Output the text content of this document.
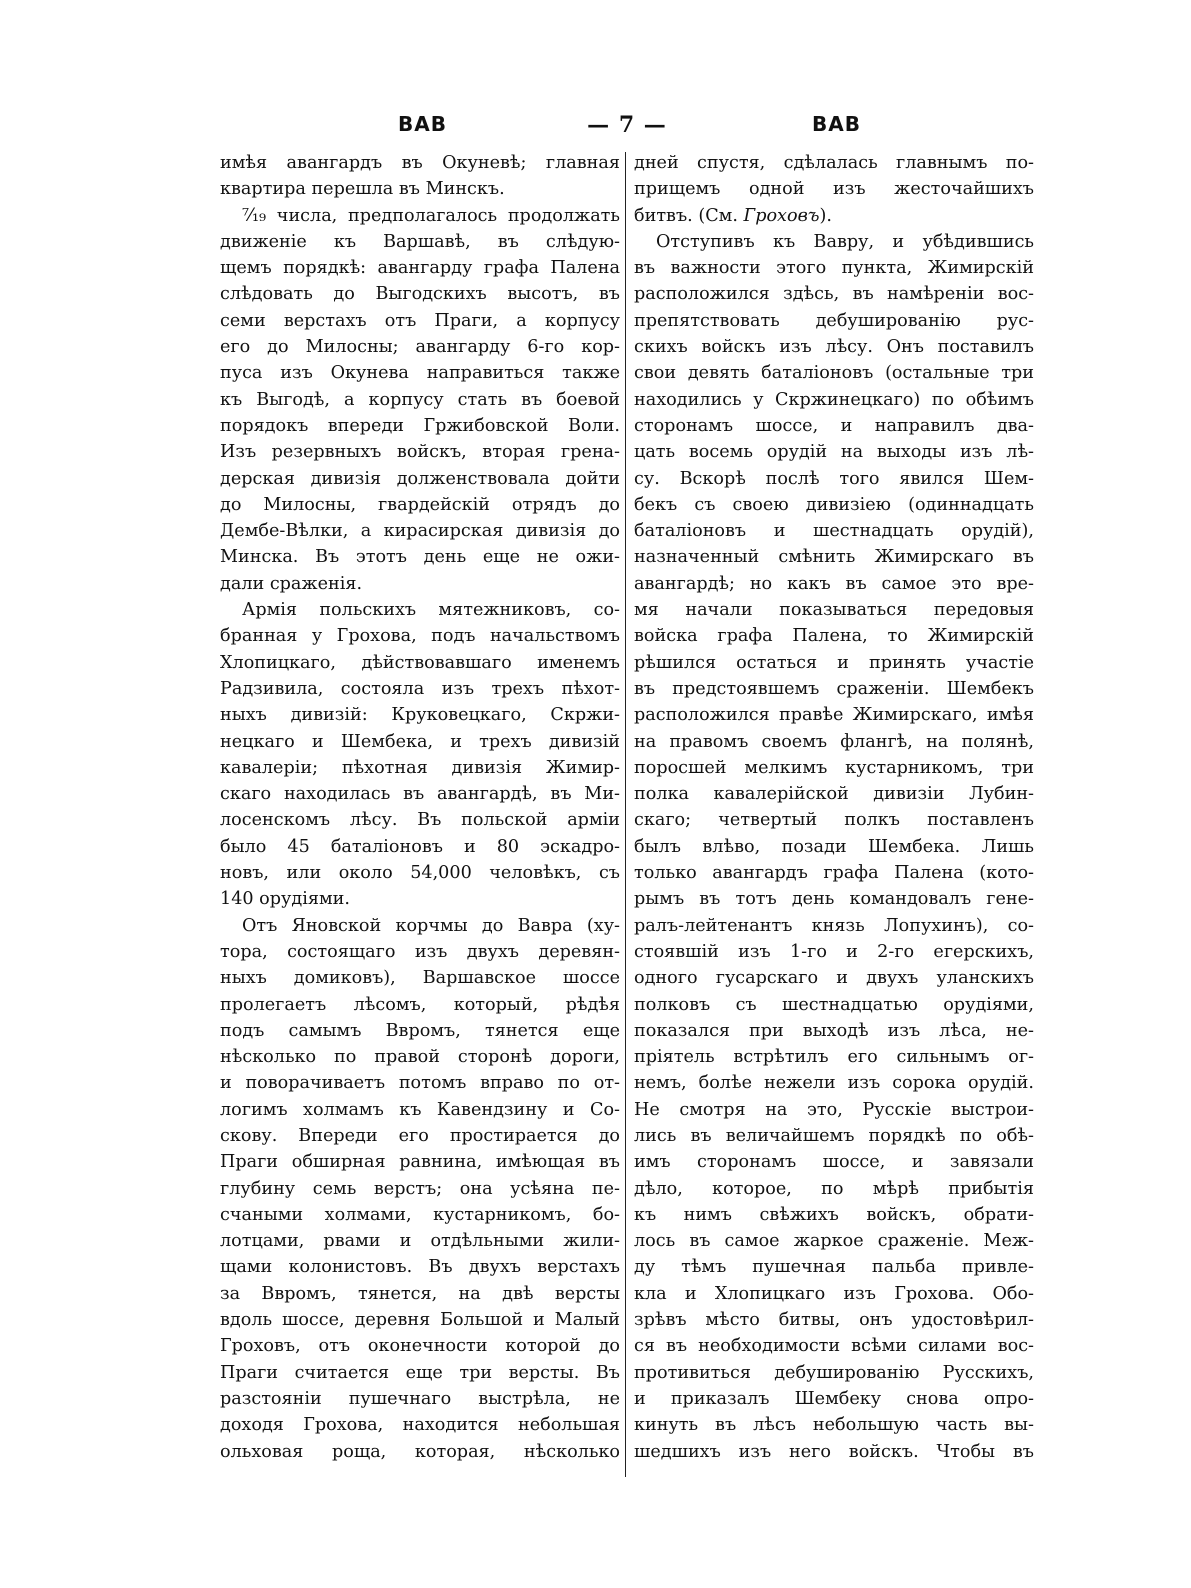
ВАВ	— 7 —	ВАВ
имѣя авангардъ въ Окуневѣ; главная
квартира перешла въ Минскъ.
⁷⁄₁₉ числа, предполагалось продолжать
движеніе къ Варшавѣ, въ слѣдую-
щемъ порядкѣ: авангарду графа Палена
слѣдовать до Выгодскихъ высотъ, въ
семи верстахъ отъ Праги, а корпусу
его до Милосны; авангарду 6-го кор-
пуса изъ Окунева направиться также
къ Выгодѣ, а корпусу стать въ боевой
порядокъ впереди Гржибовской Воли.
Изъ резервныхъ войскъ, вторая грена-
дерская дивизія долженствовала дойти
до Милосны, гвардейскій отрядъ до
Дембе-Вѣлки, а кирасирская дивизія до
Минска. Въ этотъ день еще не ожи-
дали сраженія.
Армія польскихъ мятежниковъ, со-
бранная у Грохова, подъ начальствомъ
Хлопицкаго, дѣйствовавшаго именемъ
Радзивила, состояла изъ трехъ пѣхот-
ныхъ дивизій: Круковецкаго, Скржи-
нецкаго и Шембека, и трехъ дивизій
кавалеріи; пѣхотная дивизія Жимир-
скаго находилась въ авангардѣ, въ Ми-
лосенскомъ лѣсу. Въ польской арміи
было 45 баталіоновъ и 80 эскадро-
новъ, или около 54,000 человѣкъ, съ
140 орудіями.
Отъ Яновской корчмы до Вавра (ху-
тора, состоящаго изъ двухъ деревян-
ныхъ домиковъ), Варшавское шоссе
пролегаетъ лѣсомъ, который, рѣдѣя
подъ самымъ Ввромъ, тянется еще
нѣсколько по правой сторонѣ дороги,
и поворачиваетъ потомъ вправо по от-
логимъ холмамъ къ Кавендзину и Со-
скову. Впереди его простирается до
Праги обширная равнина, имѣющая въ
глубину семь верстъ; она усѣяна пе-
счаными холмами, кустарникомъ, бо-
лотцами, рвами и отдѣльными жили-
щами колонистовъ. Въ двухъ верстахъ
за Ввромъ, тянется, на двѣ версты
вдоль шоссе, деревня Большой и Малый
Гроховъ, отъ оконечности которой до
Праги считается еще три версты. Въ
разстояніи пушечнаго выстрѣла, не
доходя Грохова, находится небольшая
ольховая роща, которая, нѣсколько
дней спустя, сдѣлалась главнымъ по-
прищемъ одной изъ жесточайшихъ
битвъ. (См. Гроховъ).
Отступивъ къ Вавру, и убѣдившись
въ важности этого пункта, Жимирскій
расположился здѣсь, въ намѣреніи вос-
препятствовать дебушированію рус-
скихъ войскъ изъ лѣсу. Онъ поставилъ
свои девять баталіоновъ (остальные три
находились у Скржинецкаго) по обѣимъ
сторонамъ шоссе, и направилъ два-
цать восемь орудій на выходы изъ лѣ-
су. Вскорѣ послѣ того явился Шем-
бекъ съ своею дивизіею (одиннадцать
баталіоновъ и шестнадцать орудій),
назначенный смѣнить Жимирскаго въ
авангардѣ; но какъ въ самое это вре-
мя начали показываться передовыя
войска графа Палена, то Жимирскій
рѣшился остаться и принять участіе
въ предстоявшемъ сраженіи. Шембекъ
расположился правѣе Жимирскаго, имѣя
на правомъ своемъ флангѣ, на полянѣ,
поросшей мелкимъ кустарникомъ, три
полка кавалерійской дивизіи Лубин-
скаго; четвертый полкъ поставленъ
былъ влѣво, позади Шембека. Лишь
только авангардъ графа Палена (кото-
рымъ въ тотъ день командовалъ гене-
ралъ-лейтенантъ князь Лопухинъ), со-
стоявшій изъ 1-го и 2-го егерскихъ,
одного гусарскаго и двухъ уланскихъ
полковъ съ шестнадцатью орудіями,
показался при выходѣ изъ лѣса, не-
пріятель встрѣтилъ его сильнымъ ог-
немъ, болѣе нежели изъ сорока орудій.
Не смотря на это, Русскіе выстрои-
лись въ величайшемъ порядкѣ по обѣ-
имъ сторонамъ шоссе, и завязали
дѣло, которое, по мѣрѣ прибытія
къ нимъ свѣжихъ войскъ, обрати-
лось въ самое жаркое сраженіе. Меж-
ду тѣмъ пушечная пальба привле-
кла и Хлопицкаго изъ Грохова. Обо-
зрѣвъ мѣсто битвы, онъ удостовѣрил-
ся въ необходимости всѣми силами вос-
противиться дебушированію Русскихъ,
и приказалъ Шембеку снова опро-
кинуть въ лѣсъ небольшую часть вы-
шедшихъ изъ него войскъ. Чтобы въ
